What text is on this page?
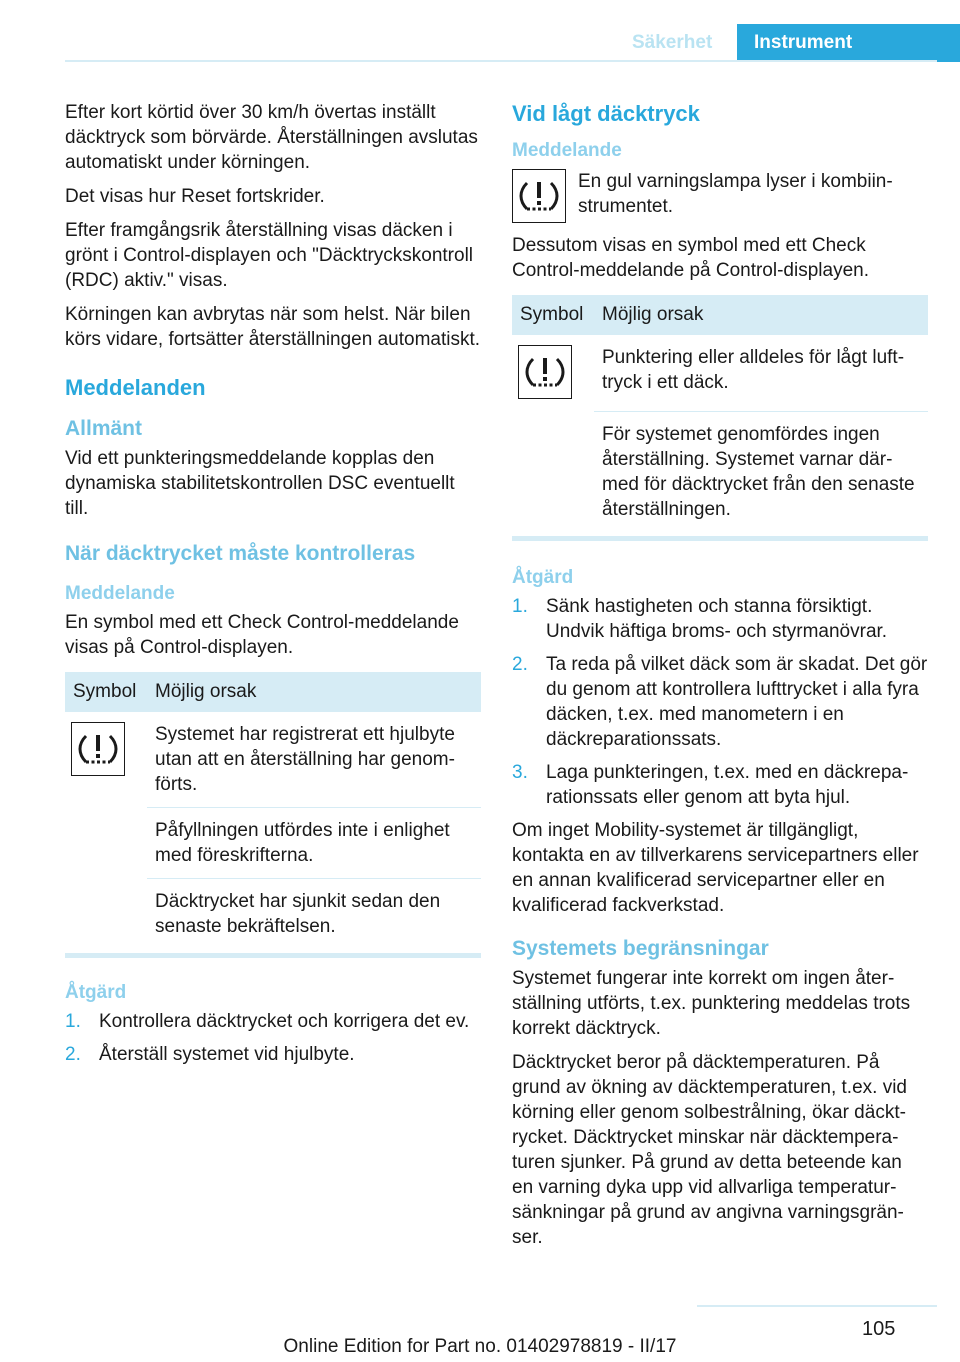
Säkerhet	Instrument

Efter kort körtid över 30 km/h övertas inställt däcktryck som börvärde. Återställningen avslutas automatiskt under körningen.

Det visas hur Reset fortskrider.

Efter framgångsrik återställning visas däcken i grönt i Control-displayen och "Däcktryckskontroll (RDC) aktiv." visas.

Körningen kan avbrytas när som helst. När bilen körs vidare, fortsätter återställningen automatiskt.

Meddelanden
Allmänt

Vid ett punkteringsmeddelande kopplas den dynamiska stabilitetskontrollen DSC eventuellt till.

När däcktrycket måste kontrolleras
Meddelande

En symbol med ett Check Control-meddelande visas på Control-displayen.

Symbol	Möjlig orsak

	Systemet har registrerat ett hjulbyte utan att en återställning har genomförts.
	Påfyllningen utfördes inte i enlighet med föreskrifterna.
	Däcktrycket har sjunkit sedan den senaste bekräftelsen.
Åtgärd
1. Kontrollera däcktrycket och korrigera det ev.
2. Återställ systemet vid hjulbyte.
Vid lågt däcktryck
Meddelande
En gul varningslampa lyser i kombiinstrumentet.

Dessutom visas en symbol med ett Check Control-meddelande på Control-displayen.

Symbol	Möjlig orsak

	Punktering eller alldeles för lågt lufttryck i ett däck.
	För systemet genomfördes ingen återställning. Systemet varnar därmed för däcktrycket från den senaste återställningen.
Åtgärd
1. Sänk hastigheten och stanna försiktigt. Undvik häftiga broms- och styrmanövrar.
2. Ta reda på vilket däck som är skadat. Det gör du genom att kontrollera lufttrycket i alla fyra däcken, t.ex. med manometern i en däckreparationssats.
3. Laga punkteringen, t.ex. med en däckreparationssats eller genom att byta hjul.

Om inget Mobility-systemet är tillgängligt, kontakta en av tillverkarens servicepartners eller en annan kvalificerad servicepartner eller en kvalificerad fackverkstad.

Systemets begränsningar

Systemet fungerar inte korrekt om ingen återställning utförts, t.ex. punktering meddelas trots korrekt däcktryck.

Däcktrycket beror på däcktemperaturen. På grund av ökning av däcktemperaturen, t.ex. vid körning eller genom solbestrålning, ökar däcktrycket. Däcktrycket minskar när däcktemperaturen sjunker. På grund av detta beteende kan en varning dyka upp vid allvarliga temperatursänkningar på grund av angivna varningsgränser.

105
Online Edition for Part no. 01402978819 - II/17
